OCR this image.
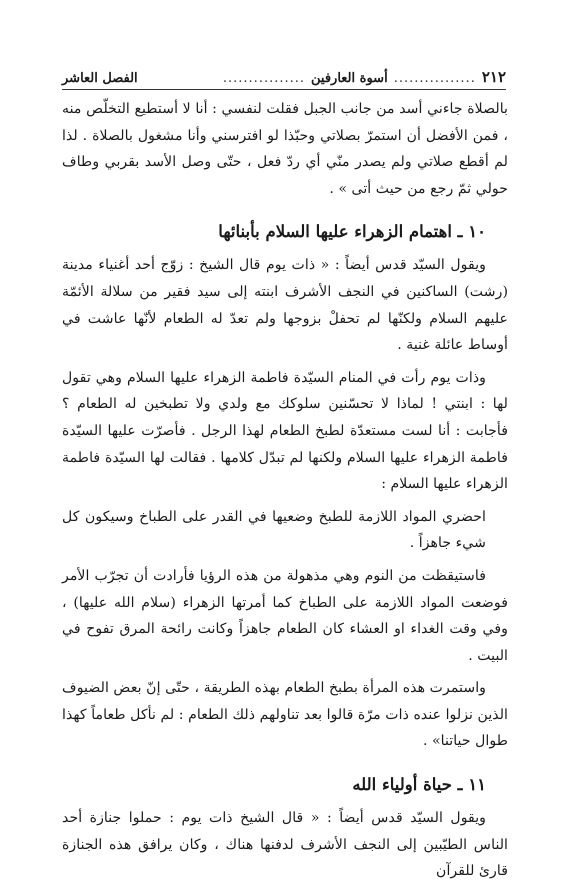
٢١٢
................
أسوة العارفين
................
الفصل العاشر

بالصلاة جاءني أسد من جانب الجبل فقلت لنفسي : أنا لا أستطيع التخلّص منه ، فمن الأفضل أن استمرّ بصلاتي وحبّذا لو افترسني وأنا مشغول بالصلاة . لذا لم أقطع صلاتي ولم يصدر منّي أي ردّ فعل ، حتّى وصل الأسد بقربي وطاف حولي ثمّ رجع من حيث أتى » .

١٠ ـ اهتمام الزهراء عليها السلام بأبنائها

ويقول السيّد قدس أيضاً : « ذات يوم قال الشيخ : زوّج أحد أغنياء مدينة (رشت) الساكنين في النجف الأشرف ابنته إلى سيد فقير من سلالة الأئمّة عليهم السلام ولكنّها لم تحفلْ بزوجها ولم تعدّ له الطعام لأنّها عاشت في أوساط عائلة غنية .

وذات يوم رأت في المنام السيّدة فاطمة الزهراء عليها السلام وهي تقول لها : ابنتي ! لماذا لا تحسّنين سلوكك مع ولدي ولا تطبخين له الطعام ؟ فأجابت : أنا لست مستعدّة لطبخ الطعام لهذا الرجل . فأصرّت عليها السيّدة فاطمة الزهراء عليها السلام ولكنها لم تبدّل كلامها . فقالت لها السيّدة فاطمة الزهراء عليها السلام :

احضري المواد اللازمة للطبخ وضعيها في القدر على الطباخ وسيكون كل شيء جاهزاً .

فاستيقظت من النوم وهي مذهولة من هذه الرؤيا فأرادت أن تجرّب الأمر فوضعت المواد اللازمة على الطباخ كما أمرتها الزهراء (سلام الله عليها) ، وفي وقت الغداء او العشاء كان الطعام جاهزاً وكانت رائحة المرق تفوح في البيت .

واستمرت هذه المرأة بطبخ الطعام بهذه الطريقة ، حتّى إنّ بعض الضيوف الذين نزلوا عنده ذات مرّة قالوا بعد تناولهم ذلك الطعام : لم نأكل طعاماً كهذا طوال حياتنا» .

١١ ـ حياة أولياء الله

ويقول السيّد قدس أيضاً : « قال الشيخ ذات يوم : حملوا جنازة أحد الناس الطيّبين إلى النجف الأشرف لدفنها هناك ، وكان يرافق هذه الجنازة قارئ للقرآن
